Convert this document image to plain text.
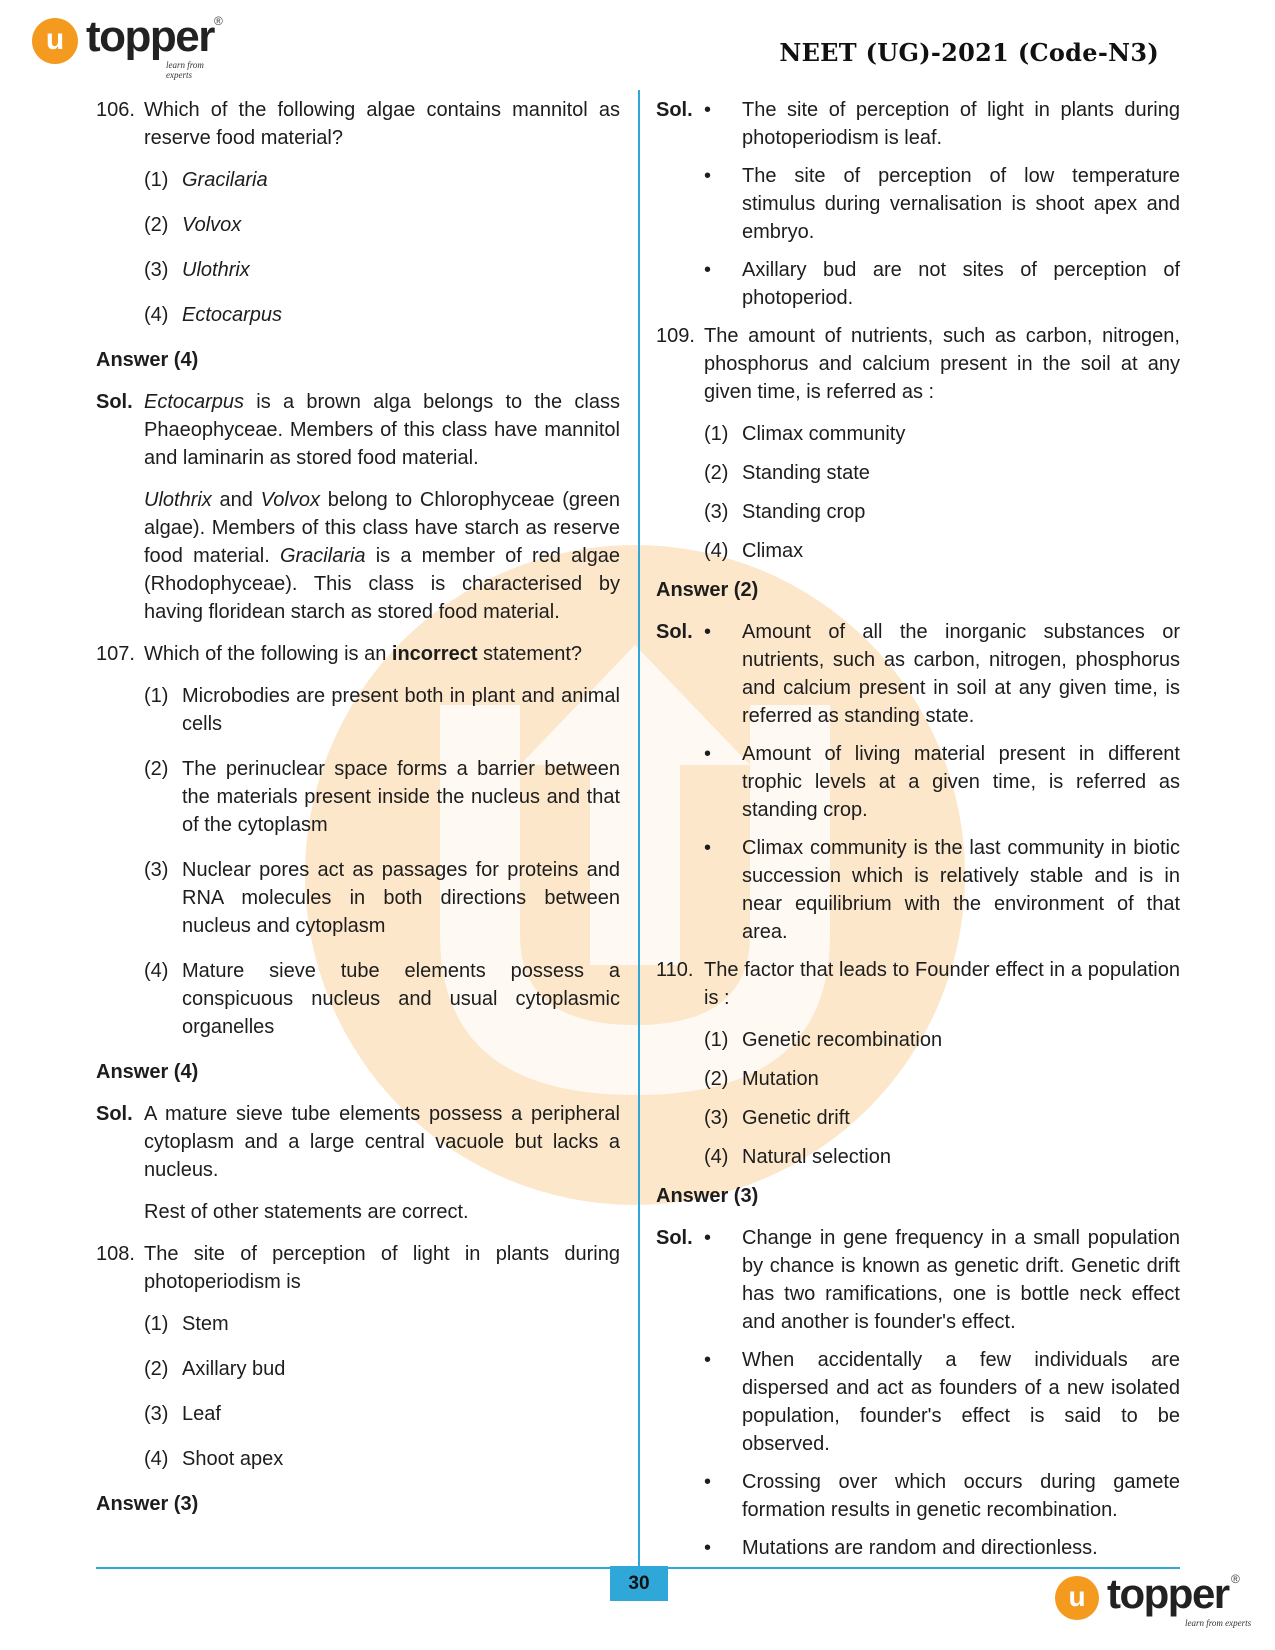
u topper ®
learn from experts
NEET (UG)-2021 (Code-N3)
106. Which of the following algae contains mannitol as reserve food material?
(1) Gracilaria
(2) Volvox
(3) Ulothrix
(4) Ectocarpus
Answer (4)
Sol. Ectocarpus is a brown alga belongs to the class Phaeophyceae. Members of this class have mannitol and laminarin as stored food material.
Ulothrix and Volvox belong to Chlorophyceae (green algae). Members of this class have starch as reserve food material. Gracilaria is a member of red algae (Rhodophyceae). This class is characterised by having floridean starch as stored food material.
107. Which of the following is an incorrect statement?
(1) Microbodies are present both in plant and animal cells
(2) The perinuclear space forms a barrier between the materials present inside the nucleus and that of the cytoplasm
(3) Nuclear pores act as passages for proteins and RNA molecules in both directions between nucleus and cytoplasm
(4) Mature sieve tube elements possess a conspicuous nucleus and usual cytoplasmic organelles
Answer (4)
Sol. A mature sieve tube elements possess a peripheral cytoplasm and a large central vacuole but lacks a nucleus.
Rest of other statements are correct.
108. The site of perception of light in plants during photoperiodism is
(1) Stem
(2) Axillary bud
(3) Leaf
(4) Shoot apex
Answer (3)
Sol. •	The site of perception of light in plants during photoperiodism is leaf.
•	The site of perception of low temperature stimulus during vernalisation is shoot apex and embryo.
•	Axillary bud are not sites of perception of photoperiod.
109. The amount of nutrients, such as carbon, nitrogen, phosphorus and calcium present in the soil at any given time, is referred as :
(1) Climax community
(2) Standing state
(3) Standing crop
(4) Climax
Answer (2)
Sol. •	Amount of all the inorganic substances or nutrients, such as carbon, nitrogen, phosphorus and calcium present in soil at any given time, is referred as standing state.
•	Amount of living material present in different trophic levels at a given time, is referred as standing crop.
•	Climax community is the last community in biotic succession which is relatively stable and is in near equilibrium with the environment of that area.
110. The factor that leads to Founder effect in a population is :
(1) Genetic recombination
(2) Mutation
(3) Genetic drift
(4) Natural selection
Answer (3)
Sol. •	Change in gene frequency in a small population by chance is known as genetic drift. Genetic drift has two ramifications, one is bottle neck effect and another is founder's effect.
•	When accidentally a few individuals are dispersed and act as founders of a new isolated population, founder's effect is said to be observed.
•	Crossing over which occurs during gamete formation results in genetic recombination.
•	Mutations are random and directionless.
30	u topper ®
learn from experts
